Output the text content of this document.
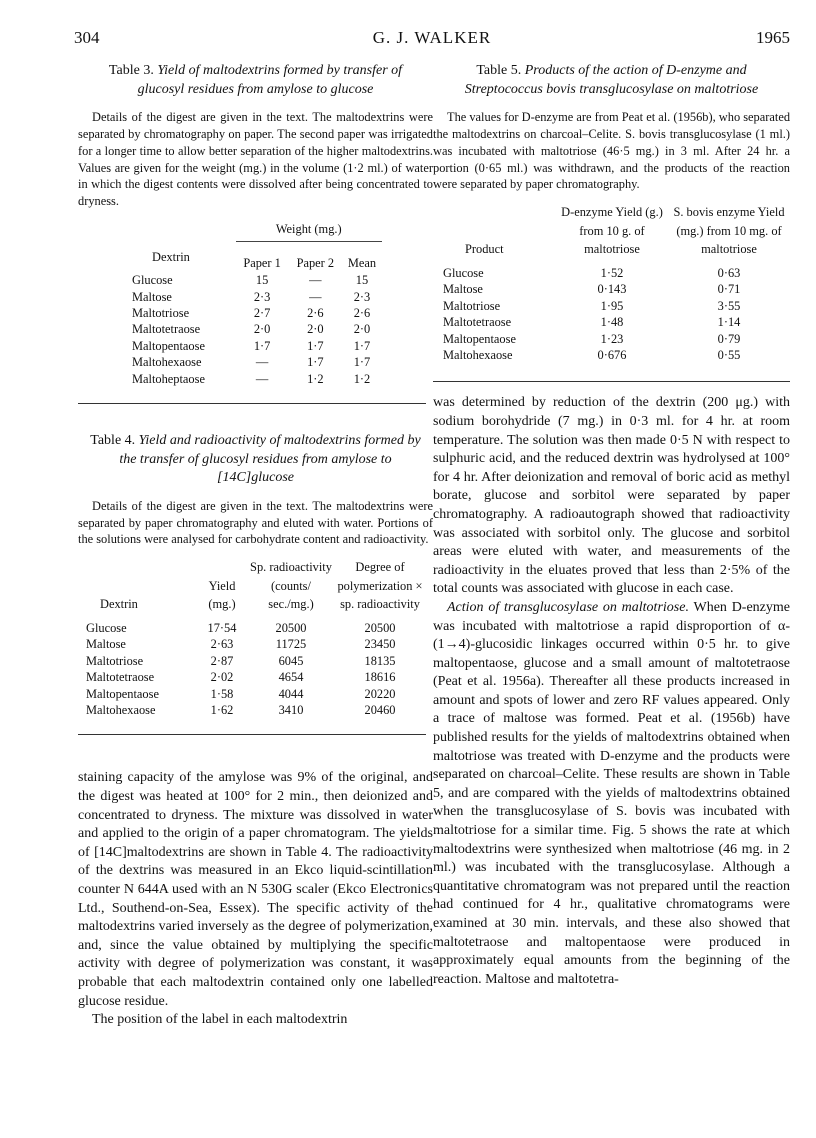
304	G. J. WALKER	1965
Table 3. Yield of maltodextrins formed by transfer of glucosyl residues from amylose to glucose
Details of the digest are given in the text. The maltodextrins were separated by chromatography on paper. The second paper was irrigated for a longer time to allow better separation of the higher maltodextrins. Values are given for the weight (mg.) in the volume (1·2 ml.) of water in which the digest contents were dissolved after being concentrated to dryness.
	Weight (mg.)		

Dextrin	Paper 1	Paper 2	Mean
Glucose	15	—	15
Maltose	2·3	—	2·3
Maltotriose	2·7	2·6	2·6
Maltotetraose	2·0	2·0	2·0
Maltopentaose	1·7	1·7	1·7
Maltohexaose	—	1·7	1·7
Maltoheptaose	—	1·2	1·2
Table 4. Yield and radioactivity of maltodextrins formed by the transfer of glucosyl residues from amylose to [14C]glucose
Details of the digest are given in the text. The maltodextrins were separated by paper chromatography and eluted with water. Portions of the solutions were analysed for carbohydrate content and radioactivity.
Dextrin	Yield (mg.)	Sp. radioactivity (counts/ sec./mg.)	Degree of polymerization × sp. radioactivity
Glucose	17·54	20500	20500
Maltose	2·63	11725	23450
Maltotriose	2·87	6045	18135
Maltotetraose	2·02	4654	18616
Maltopentaose	1·58	4044	20220
Maltohexaose	1·62	3410	20460

staining capacity of the amylose was 9% of the original, and the digest was heated at 100° for 2 min., then deionized and concentrated to dryness. The mixture was dissolved in water and applied to the origin of a paper chromatogram. The yields of [14C]maltodextrins are shown in Table 4. The radioactivity of the dextrins was measured in an Ekco liquid-scintillation counter N 644A used with an N 530G scaler (Ekco Electronics Ltd., Southend-on-Sea, Essex). The specific activity of the maltodextrins varied inversely as the degree of polymerization, and, since the value obtained by multiplying the specific activity with degree of polymerization was constant, it was probable that each maltodextrin contained only one labelled glucose residue.

The position of the label in each maltodextrin

Table 5. Products of the action of D-enzyme and Streptococcus bovis transglucosylase on maltotriose
The values for D-enzyme are from Peat et al. (1956b), who separated the maltodextrins on charcoal–Celite. S. bovis transglucosylase (1 ml.) was incubated with maltotriose (46·5 mg.) in 3 ml. After 24 hr. a portion (0·65 ml.) was withdrawn, and the products of the reaction were separated by paper chromatography.
Product	D-enzyme Yield (g.) from 10 g. of maltotriose	S. bovis enzyme Yield (mg.) from 10 mg. of maltotriose
Glucose	1·52	0·63
Maltose	0·143	0·71
Maltotriose	1·95	3·55
Maltotetraose	1·48	1·14
Maltopentaose	1·23	0·79
Maltohexaose	0·676	0·55

was determined by reduction of the dextrin (200 μg.) with sodium borohydride (7 mg.) in 0·3 ml. for 4 hr. at room temperature. The solution was then made 0·5 N with respect to sulphuric acid, and the reduced dextrin was hydrolysed at 100° for 4 hr. After deionization and removal of boric acid as methyl borate, glucose and sorbitol were separated by paper chromatography. A radioautograph showed that radioactivity was associated with sorbitol only. The glucose and sorbitol areas were eluted with water, and measurements of the radioactivity in the eluates proved that less than 2·5% of the total counts was associated with glucose in each case.

Action of transglucosylase on maltotriose. When D-enzyme was incubated with maltotriose a rapid disproportion of α-(1→4)-glucosidic linkages occurred within 0·5 hr. to give maltopentaose, glucose and a small amount of maltotetraose (Peat et al. 1956a). Thereafter all these products increased in amount and spots of lower and zero RF values appeared. Only a trace of maltose was formed. Peat et al. (1956b) have published results for the yields of maltodextrins obtained when maltotriose was treated with D-enzyme and the products were separated on charcoal–Celite. These results are shown in Table 5, and are compared with the yields of maltodextrins obtained when the transglucosylase of S. bovis was incubated with maltotriose for a similar time. Fig. 5 shows the rate at which maltodextrins were synthesized when maltotriose (46 mg. in 2 ml.) was incubated with the transglucosylase. Although a quantitative chromatogram was not prepared until the reaction had continued for 4 hr., qualitative chromatograms were examined at 30 min. intervals, and these also showed that maltotetraose and maltopentaose were produced in approximately equal amounts from the beginning of the reaction. Maltose and maltotetra-
